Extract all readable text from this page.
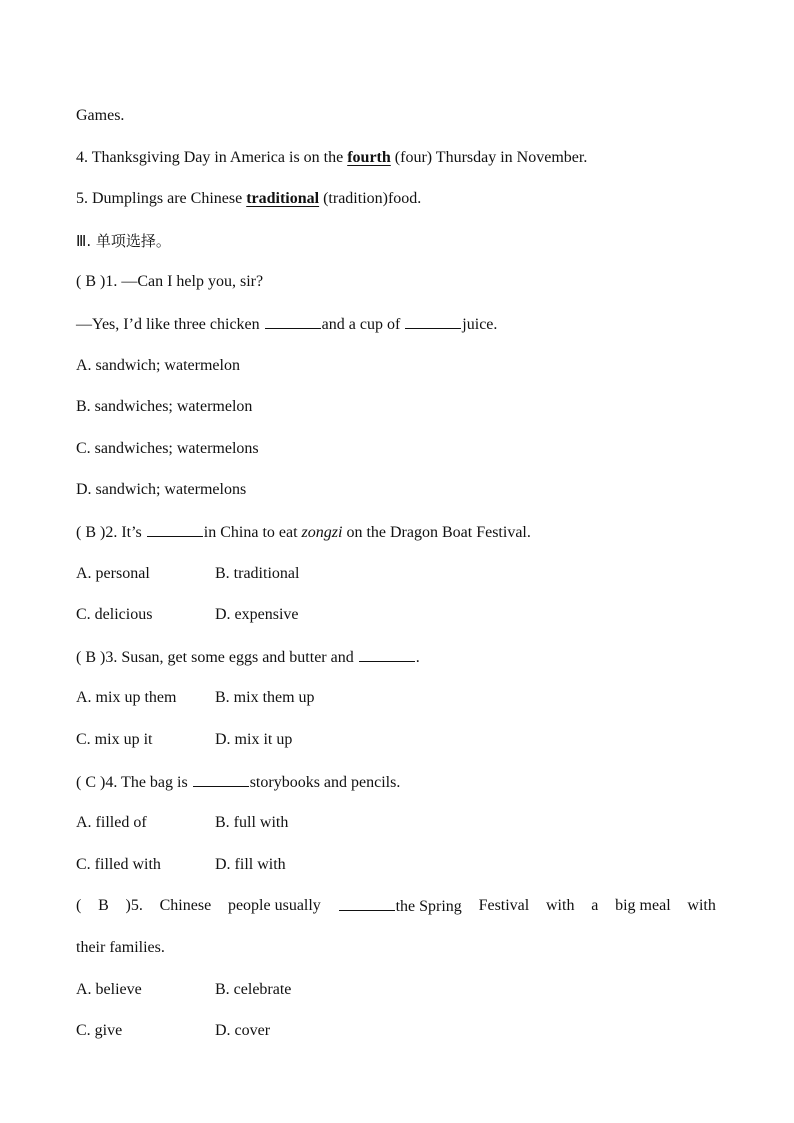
Games.
4. Thanksgiving Day in America is on the fourth (four) Thursday in November.
5. Dumplings are Chinese traditional (tradition)food.
Ⅲ. 单项选择。
( B )1. —Can I help you, sir?
—Yes, I’d like three chicken	and a cup of	juice.
A. sandwich; watermelon
B. sandwiches; watermelon
C. sandwiches; watermelons
D. sandwich; watermelons
( B )2. It’s	in China to eat zongzi on the Dragon Boat Festival.
A. personal	B. traditional
C. delicious	D. expensive
( B )3. Susan, get some eggs and butter and	.
A. mix up them B. mix them up
C. mix up it	D. mix it up
( C )4. The bag is	storybooks and pencils.
A. filled of	B. full with
C. filled with	D. fill with
( B )5. Chinese people usually	the Spring Festival with a big meal with
their families.
A. believe	B. celebrate
C. give	D. cover
